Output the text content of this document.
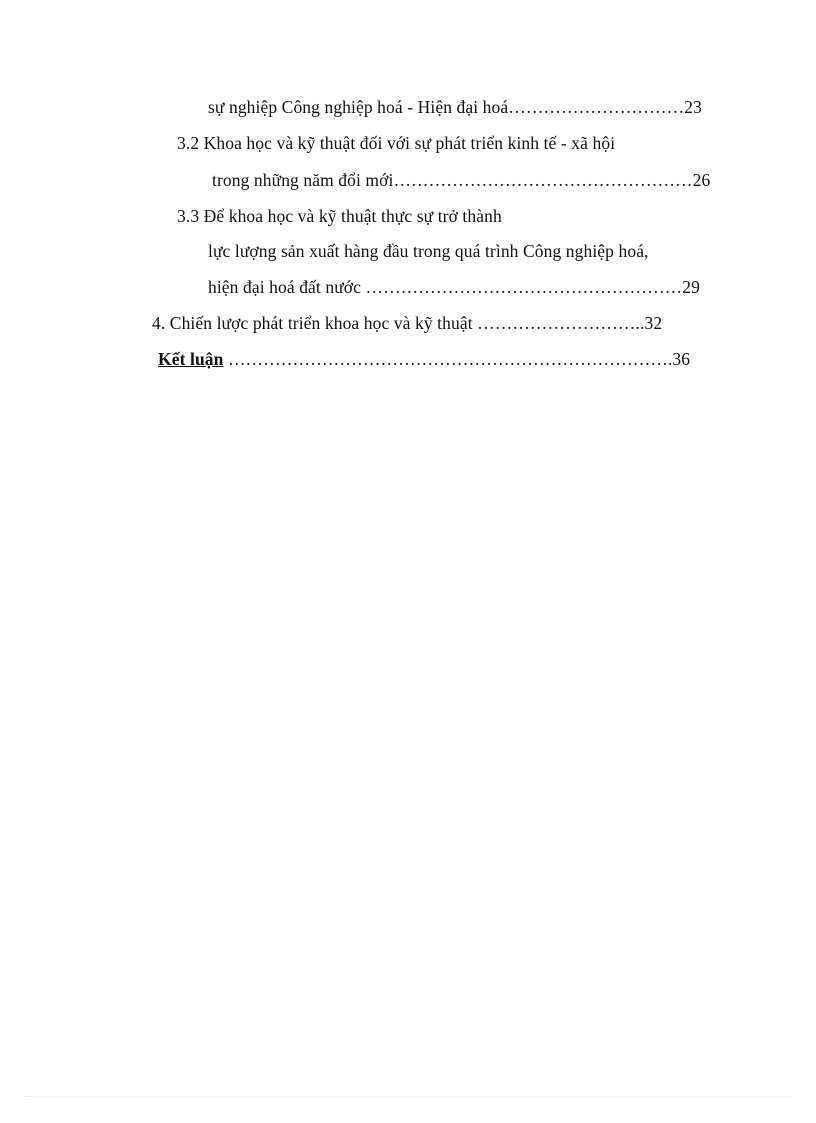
sự nghiệp Công nghiệp hoá - Hiện đại hoá…………………………23
3.2 Khoa học và kỹ thuật đối với sự phát triển kinh tế - xã hội
trong những năm đổi mới……………………………………………26
3.3 Để khoa học và kỹ thuật thực sự trở thành
lực lượng sản xuất hàng đầu trong quá trình Công nghiệp hoá,
hiện đại hoá đất nước ………………………………………………29
4. Chiến lược phát triển khoa học và kỹ thuật ………………………..32
Kết luận ………………………………………………………………….36
